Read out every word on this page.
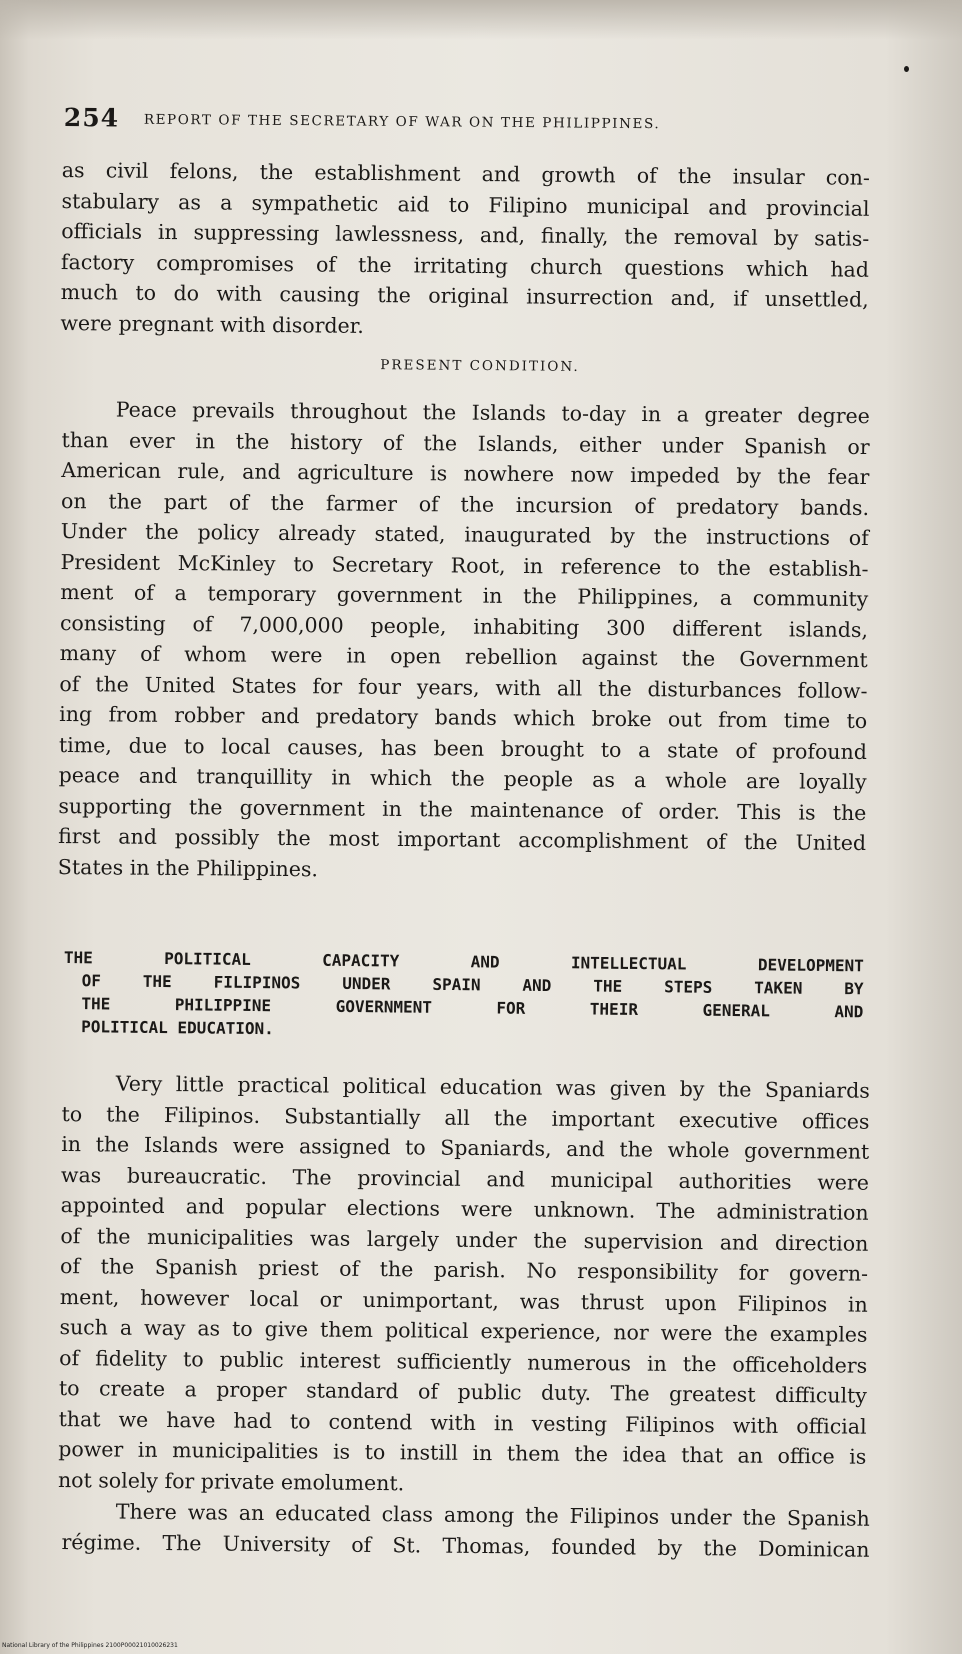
254 REPORT OF THE SECRETARY OF WAR ON THE PHILIPPINES.
as civil felons, the establishment and growth of the insular con-
stabulary as a sympathetic aid to Filipino municipal and provincial
officials in suppressing lawlessness, and, finally, the removal by satis-
factory compromises of the irritating church questions which had
much to do with causing the original insurrection and, if unsettled,
were pregnant with disorder.
PRESENT CONDITION.
Peace prevails throughout the Islands to-day in a greater degree
than ever in the history of the Islands, either under Spanish or
American rule, and agriculture is nowhere now impeded by the fear
on the part of the farmer of the incursion of predatory bands.
Under the policy already stated, inaugurated by the instructions of
President McKinley to Secretary Root, in reference to the establish-
ment of a temporary government in the Philippines, a community
consisting of 7,000,000 people, inhabiting 300 different islands,
many of whom were in open rebellion against the Government
of the United States for four years, with all the disturbances follow-
ing from robber and predatory bands which broke out from time to
time, due to local causes, has been brought to a state of profound
peace and tranquillity in which the people as a whole are loyally
supporting the government in the maintenance of order. This is the
first and possibly the most important accomplishment of the United
States in the Philippines.
THE POLITICAL CAPACITY AND INTELLECTUAL DEVELOPMENT
OF THE FILIPINOS UNDER SPAIN AND THE STEPS TAKEN BY
THE PHILIPPINE GOVERNMENT FOR THEIR GENERAL AND
POLITICAL EDUCATION.
Very little practical political education was given by the Spaniards
to the Filipinos. Substantially all the important executive offices
in the Islands were assigned to Spaniards, and the whole government
was bureaucratic. The provincial and municipal authorities were
appointed and popular elections were unknown. The administration
of the municipalities was largely under the supervision and direction
of the Spanish priest of the parish. No responsibility for govern-
ment, however local or unimportant, was thrust upon Filipinos in
such a way as to give them political experience, nor were the examples
of fidelity to public interest sufficiently numerous in the officeholders
to create a proper standard of public duty. The greatest difficulty
that we have had to contend with in vesting Filipinos with official
power in municipalities is to instill in them the idea that an office is
not solely for private emolument.
There was an educated class among the Filipinos under the Spanish
régime. The University of St. Thomas, founded by the Dominican
National Library of the Philippines 2100P00021010026231
